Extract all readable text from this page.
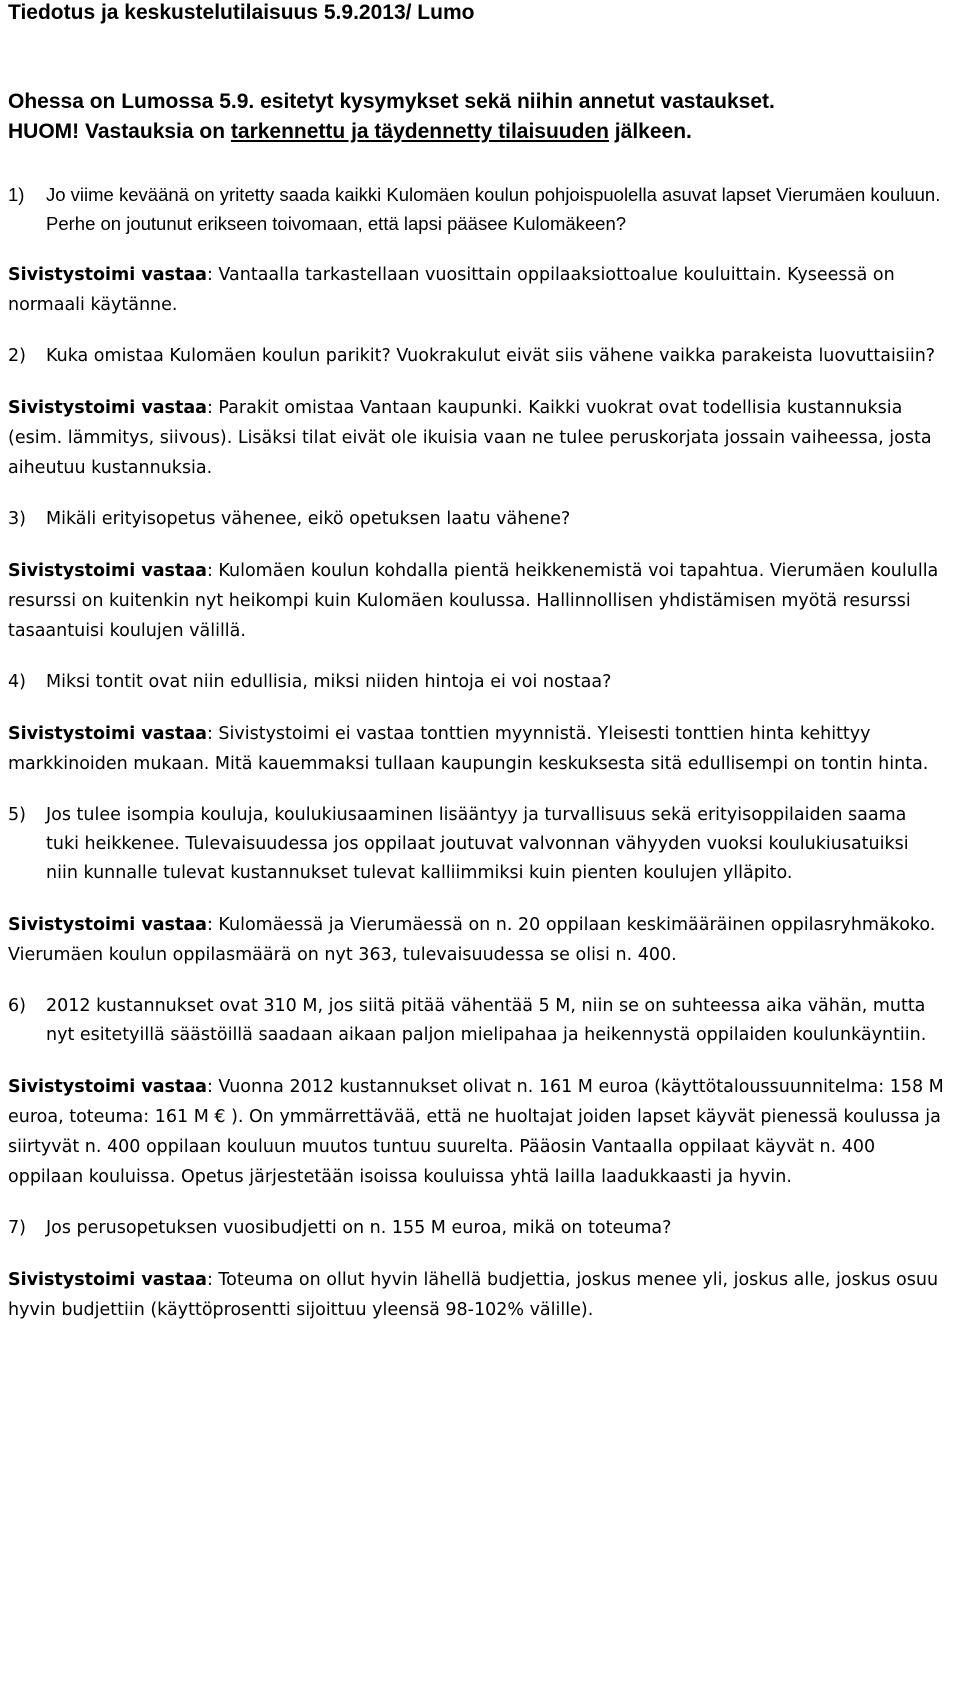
Tiedotus ja keskustelutilaisuus 5.9.2013/ Lumo
Ohessa on Lumossa 5.9. esitetyt kysymykset sekä niihin annetut vastaukset.
HUOM! Vastauksia on tarkennettu ja täydennetty tilaisuuden jälkeen.
1)	Jo viime keväänä on yritetty saada kaikki Kulomäen koulun pohjoispuolella asuvat lapset Vierumäen kouluun. Perhe on joutunut erikseen toivomaan, että lapsi pääsee Kulomäkeen?
Sivistystoimi vastaa: Vantaalla tarkastellaan vuosittain oppilaaksiottoalue kouluittain. Kyseessä on normaali käytänne.
2)	Kuka omistaa Kulomäen koulun parikit? Vuokrakulut eivät siis vähene vaikka parakeista luovuttaisiin?
Sivistystoimi vastaa: Parakit omistaa Vantaan kaupunki. Kaikki vuokrat ovat todellisia kustannuksia (esim. lämmitys, siivous). Lisäksi tilat eivät ole ikuisia vaan ne tulee peruskorjata jossain vaiheessa, josta aiheutuu kustannuksia.
3)	Mikäli erityisopetus vähenee, eikö opetuksen laatu vähene?
Sivistystoimi vastaa: Kulomäen koulun kohdalla pientä heikkenemistä voi tapahtua. Vierumäen koululla resurssi on kuitenkin nyt heikompi kuin Kulomäen koulussa. Hallinnollisen yhdistämisen myötä resurssi tasaantuisi koulujen välillä.
4)	Miksi tontit ovat niin edullisia, miksi niiden hintoja ei voi nostaa?
Sivistystoimi vastaa: Sivistystoimi ei vastaa tonttien myynnistä. Yleisesti tonttien hinta kehittyy markkinoiden mukaan. Mitä kauemmaksi tullaan kaupungin keskuksesta sitä edullisempi on tontin hinta.
5)	Jos tulee isompia kouluja, koulukiusaaminen lisääntyy ja turvallisuus sekä erityisoppilaiden saama tuki heikkenee. Tulevaisuudessa jos oppilaat joutuvat valvonnan vähyyden vuoksi koulukiusatuiksi niin kunnalle tulevat kustannukset tulevat kalliimmiksi kuin pienten koulujen ylläpito.
Sivistystoimi vastaa: Kulomäessä ja Vierumäessä on n. 20 oppilaan keskimääräinen oppilasryhmäkoko. Vierumäen koulun oppilasmäärä on nyt 363, tulevaisuudessa se olisi n. 400.
6)	2012 kustannukset ovat 310 M, jos siitä pitää vähentää 5 M, niin se on suhteessa aika vähän, mutta nyt esitetyillä säästöillä saadaan aikaan paljon mielipahaa ja heikennystä oppilaiden koulunkäyntiin.
Sivistystoimi vastaa: Vuonna 2012 kustannukset olivat n. 161 M euroa (käyttötaloussuunnitelma: 158 M euroa, toteuma: 161 M € ). On ymmärrettävää, että ne huoltajat joiden lapset käyvät pienessä koulussa ja siirtyvät n. 400 oppilaan kouluun muutos tuntuu suurelta. Pääosin Vantaalla oppilaat käyvät n. 400 oppilaan kouluissa. Opetus järjestetään isoissa kouluissa yhtä lailla laadukkaasti ja hyvin.
7)	Jos perusopetuksen vuosibudjetti on n. 155 M euroa, mikä on toteuma?
Sivistystoimi vastaa: Toteuma on ollut hyvin lähellä budjettia, joskus menee yli, joskus alle, joskus osuu hyvin budjettiin (käyttöprosentti sijoittuu yleensä 98-102% välille).
